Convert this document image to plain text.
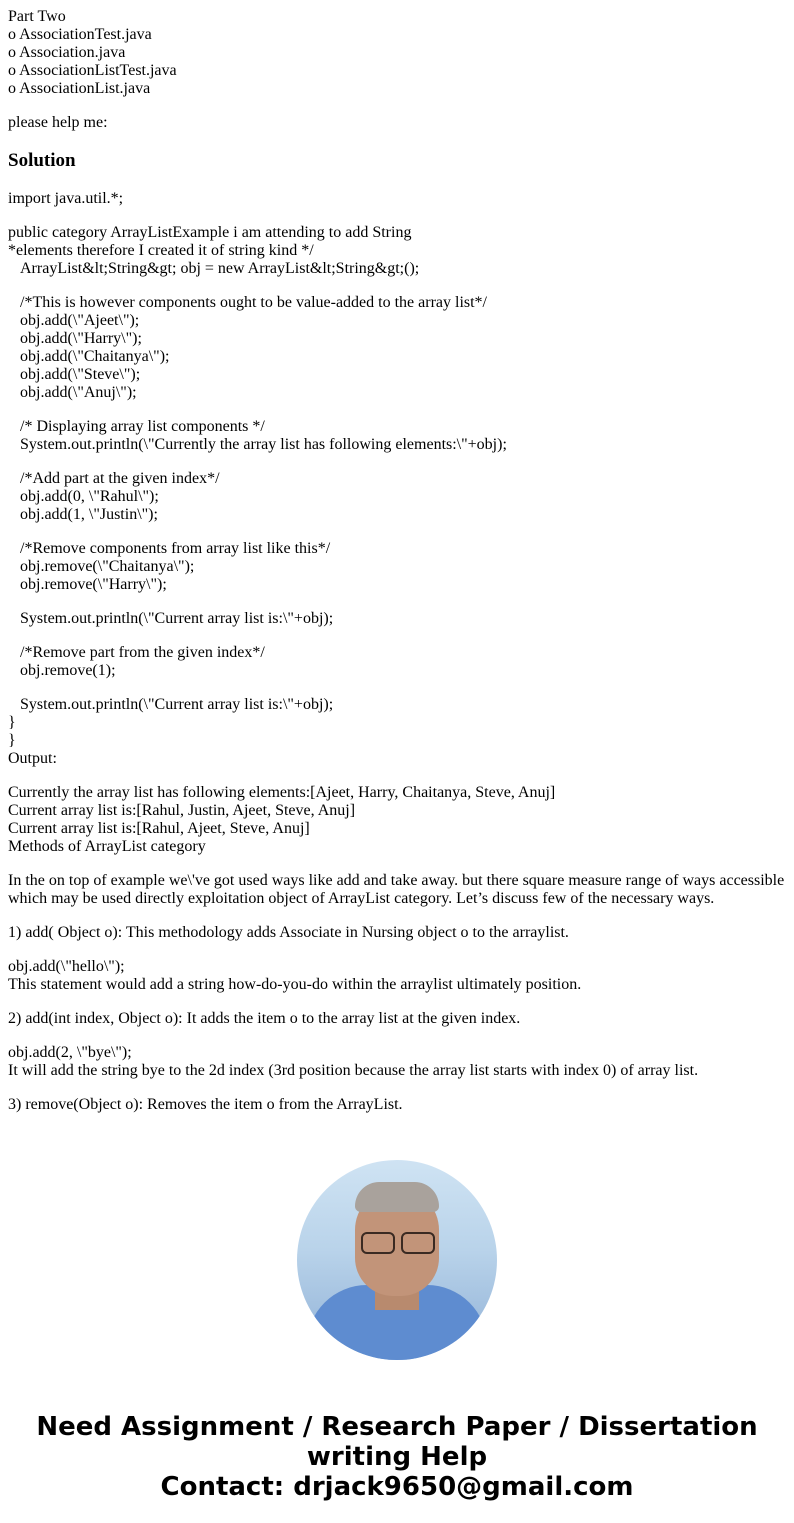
Part Two
o AssociationTest.java
o Association.java
o AssociationListTest.java
o AssociationList.java
please help me:
Solution
import java.util.*;
public category ArrayListExample i am attending to add String
*elements therefore I created it of string kind */
ArrayList&lt;String&gt; obj = new ArrayList&lt;String&gt;();
/*This is however components ought to be value-added to the array list*/
obj.add(\"Ajeet\");
obj.add(\"Harry\");
obj.add(\"Chaitanya\");
obj.add(\"Steve\");
obj.add(\"Anuj\");
/* Displaying array list components */
System.out.println(\"Currently the array list has following elements:\"+obj);
/*Add part at the given index*/
obj.add(0, \"Rahul\");
obj.add(1, \"Justin\");
/*Remove components from array list like this*/
obj.remove(\"Chaitanya\");
obj.remove(\"Harry\");
System.out.println(\"Current array list is:\"+obj);
/*Remove part from the given index*/
obj.remove(1);
System.out.println(\"Current array list is:\"+obj);
}
}
Output:
Currently the array list has following elements:[Ajeet, Harry, Chaitanya, Steve, Anuj]
Current array list is:[Rahul, Justin, Ajeet, Steve, Anuj]
Current array list is:[Rahul, Ajeet, Steve, Anuj]
Methods of ArrayList category
In the on top of example we\'ve got used ways like add and take away. but there square measure range of ways accessible which may be used directly exploitation object of ArrayList category. Let’s discuss few of the necessary ways.
1) add( Object o): This methodology adds Associate in Nursing object o to the arraylist.
obj.add(\"hello\");
This statement would add a string how-do-you-do within the arraylist ultimately position.
2) add(int index, Object o): It adds the item o to the array list at the given index.
obj.add(2, \"bye\");
It will add the string bye to the 2d index (3rd position because the array list starts with index 0) of array list.
3) remove(Object o): Removes the item o from the ArrayList.
Need Assignment / Research Paper / Dissertation
writing Help
Contact: drjack9650@gmail.com
